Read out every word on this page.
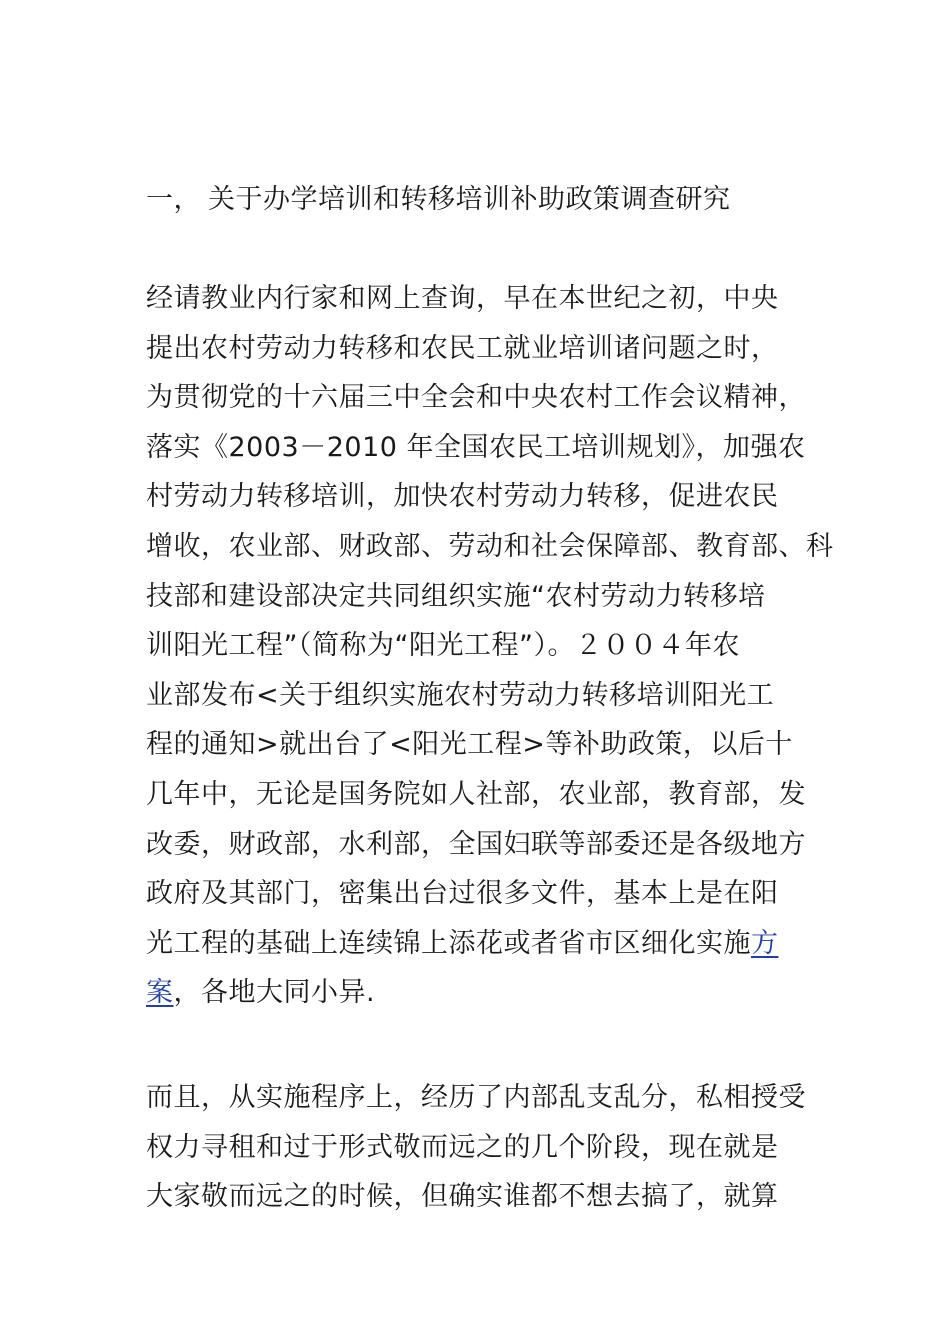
一， 关于办学培训和转移培训补助政策调查研究

经请教业内行家和网上查询，早在本世纪之初，中央
提出农村劳动力转移和农民工就业培训诸问题之时，
为贯彻党的十六届三中全会和中央农村工作会议精神，
落实《2003－2010 年全国农民工培训规划》，加强农
村劳动力转移培训，加快农村劳动力转移，促进农民
增收，农业部、财政部、劳动和社会保障部、教育部、科
技部和建设部决定共同组织实施“农村劳动力转移培
训阳光工程”（简称为“阳光工程”）。２００４年农
业部发布<关于组织实施农村劳动力转移培训阳光工
程的通知>就出台了<阳光工程>等补助政策，以后十
几年中，无论是国务院如人社部，农业部，教育部，发
改委，财政部，水利部，全国妇联等部委还是各级地方
政府及其部门，密集出台过很多文件，基本上是在阳
光工程的基础上连续锦上添花或者省市区细化实施方
案，各地大同小异.

而且，从实施程序上，经历了内部乱支乱分，私相授受
权力寻租和过于形式敬而远之的几个阶段，现在就是
大家敬而远之的时候，但确实谁都不想去搞了，就算
